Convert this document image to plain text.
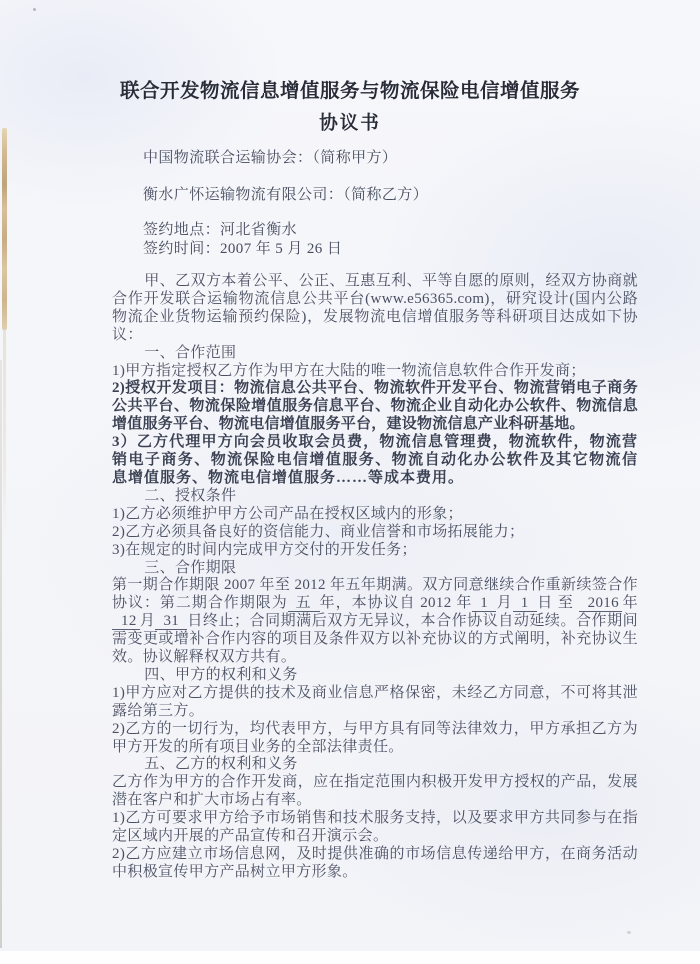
联合开发物流信息增值服务与物流保险电信增值服务
协议书

中国物流联合运输协会：（简称甲方）

衡水广怀运输物流有限公司：（简称乙方）

签约地点：河北省衡水

签约时间：2007 年 5 月 26 日

甲、乙双方本着公平、公正、互惠互利、平等自愿的原则，经双方协商就合作开发联合运输物流信息公共平台(www.e56365.com)，研究设计(国内公路物流企业货物运输预约保险)，发展物流电信增值服务等科研项目达成如下协议：

一、合作范围

1)甲方指定授权乙方作为甲方在大陆的唯一物流信息软件合作开发商；

2)授权开发项目：物流信息公共平台、物流软件开发平台、物流营销电子商务公共平台、物流保险增值服务信息平台、物流企业自动化办公软件、物流信息增值服务平台、物流电信增值服务平台，建设物流信息产业科研基地。

3）乙方代理甲方向会员收取会员费，物流信息管理费，物流软件，物流营销电子商务、物流保险电信增值服务、物流自动化办公软件及其它物流信息增值服务、物流电信增值服务……等成本费用。

二、授权条件

1)乙方必须维护甲方公司产品在授权区域内的形象；

2)乙方必须具备良好的资信能力、商业信誉和市场拓展能力；

3)在规定的时间内完成甲方交付的开发任务；

三、合作期限

第一期合作期限 2007 年至 2012 年五年期满。双方同意继续合作重新续签合作协议：第二期合作期限为 五 年，本协议自 2012 年 1 月 1 日 至 2016 年12 月 31 日终止；合同期满后双方无异议，本合作协议自动延续。合作期间需变更或增补合作内容的项目及条件双方以补充协议的方式阐明，补充协议生效。协议解释权双方共有。

四、甲方的权利和义务

1)甲方应对乙方提供的技术及商业信息严格保密，未经乙方同意，不可将其泄露给第三方。

2)乙方的一切行为，均代表甲方，与甲方具有同等法律效力，甲方承担乙方为甲方开发的所有项目业务的全部法律责任。

五、乙方的权利和义务

乙方作为甲方的合作开发商，应在指定范围内积极开发甲方授权的产品，发展潜在客户和扩大市场占有率。

1)乙方可要求甲方给予市场销售和技术服务支持，以及要求甲方共同参与在指定区域内开展的产品宣传和召开演示会。

2)乙方应建立市场信息网，及时提供准确的市场信息传递给甲方，在商务活动中积极宣传甲方产品树立甲方形象。
